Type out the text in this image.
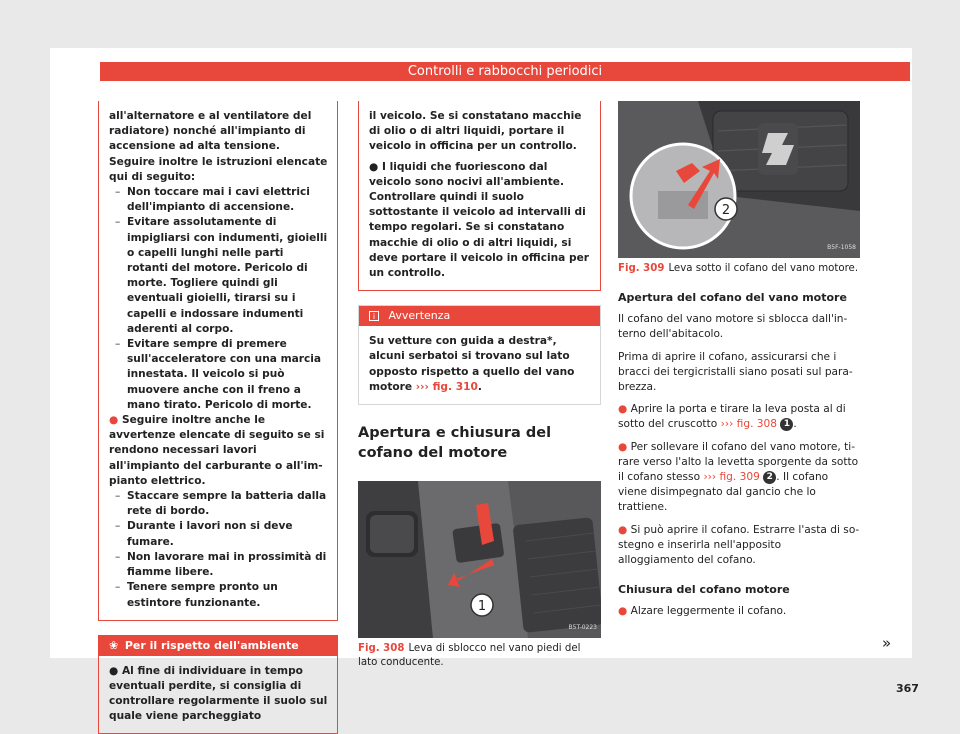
Controlli e rabbocchi periodici

all'alternatore e al ventilatore del radiatore) nonché all'impianto di accensione ad alta tensione. Seguire inoltre le istruzioni elencate qui di seguito:

– Non toccare mai i cavi elettrici dell'impianto di accensione.

– Evitare assolutamente di impigliarsi con indumenti, gioielli o capelli lunghi nelle parti rotanti del motore. Pericolo di morte. Togliere quindi gli eventuali gioielli, tirarsi su i capelli e indossare indumenti aderenti al corpo.

– Evitare sempre di premere sull'acceleratore con una marcia innestata. Il veicolo si può muovere anche con il freno a mano tirato. Pericolo di morte.

● Seguire inoltre anche le avvertenze elencate di seguito se si rendono necessari lavori all'impianto del carburante o all'impianto elettrico.

– Staccare sempre la batteria dalla rete di bordo.

– Durante i lavori non si deve fumare.

– Non lavorare mai in prossimità di fiamme libere.

– Tenere sempre pronto un estintore funzionante.

❀ Per il rispetto dell'ambiente
● Al fine di individuare in tempo eventuali perdite, si consiglia di controllare regolarmente il suolo sul quale viene parcheggiato

il veicolo. Se si constatano macchie di olio o di altri liquidi, portare il veicolo in officina per un controllo.

● I liquidi che fuoriescono dal veicolo sono nocivi all'ambiente. Controllare quindi il suolo sottostante il veicolo ad intervalli di tempo regolari. Se si constatano macchie di olio o di altri liquidi, si deve portare il veicolo in officina per un controllo.

i Avvertenza
Su vetture con guida a destra*, alcuni serbatoi si trovano sul lato opposto rispetto a quello del vano motore ››› fig. 310.
Apertura e chiusura del cofano del motore
1
B5T-0223
Fig. 308 Leva di sblocco nel vano piedi del lato conducente.
2
B5F-1058
Fig. 309 Leva sotto il cofano del vano motore.
Apertura del cofano del vano motore

Il cofano del vano motore si sblocca dall'interno dell'abitacolo.

Prima di aprire il cofano, assicurarsi che i bracci dei tergicristalli siano posati sul parabrezza.

● Aprire la porta e tirare la leva posta al di sotto del cruscotto ››› fig. 308 1 .

● Per sollevare il cofano del vano motore, tirare verso l'alto la levetta sporgente da sotto il cofano stesso ››› fig. 309 2 . Il cofano viene disimpegnato dal gancio che lo trattiene.

● Si può aprire il cofano. Estrarre l'asta di sostegno e inserirla nell'apposito alloggiamento del cofano.

Chiusura del cofano motore

● Alzare leggermente il cofano.

»
367
